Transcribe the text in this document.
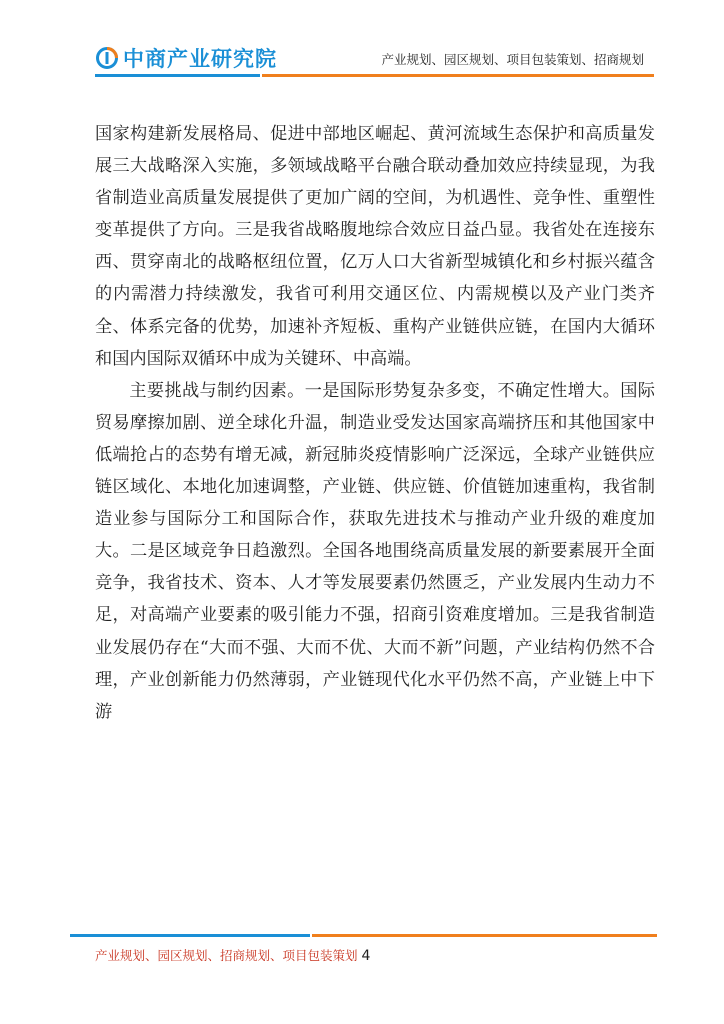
中商产业研究院	产业规划、园区规划、项目包装策划、招商规划

国家构建新发展格局、促进中部地区崛起、黄河流域生态保护和高质量发展三大战略深入实施，多领域战略平台融合联动叠加效应持续显现，为我省制造业高质量发展提供了更加广阔的空间，为机遇性、竞争性、重塑性变革提供了方向。三是我省战略腹地综合效应日益凸显。我省处在连接东西、贯穿南北的战略枢纽位置，亿万人口大省新型城镇化和乡村振兴蕴含的内需潜力持续激发，我省可利用交通区位、内需规模以及产业门类齐全、体系完备的优势，加速补齐短板、重构产业链供应链，在国内大循环和国内国际双循环中成为关键环、中高端。

主要挑战与制约因素。一是国际形势复杂多变，不确定性增大。国际贸易摩擦加剧、逆全球化升温，制造业受发达国家高端挤压和其他国家中低端抢占的态势有增无减，新冠肺炎疫情影响广泛深远，全球产业链供应链区域化、本地化加速调整，产业链、供应链、价值链加速重构，我省制造业参与国际分工和国际合作，获取先进技术与推动产业升级的难度加大。二是区域竞争日趋激烈。全国各地围绕高质量发展的新要素展开全面竞争，我省技术、资本、人才等发展要素仍然匮乏，产业发展内生动力不足，对高端产业要素的吸引能力不强，招商引资难度增加。三是我省制造业发展仍存在“大而不强、大而不优、大而不新”问题，产业结构仍然不合理，产业创新能力仍然薄弱，产业链现代化水平仍然不高，产业链上中下游

产业规划、园区规划、招商规划、项目包装策划 4
